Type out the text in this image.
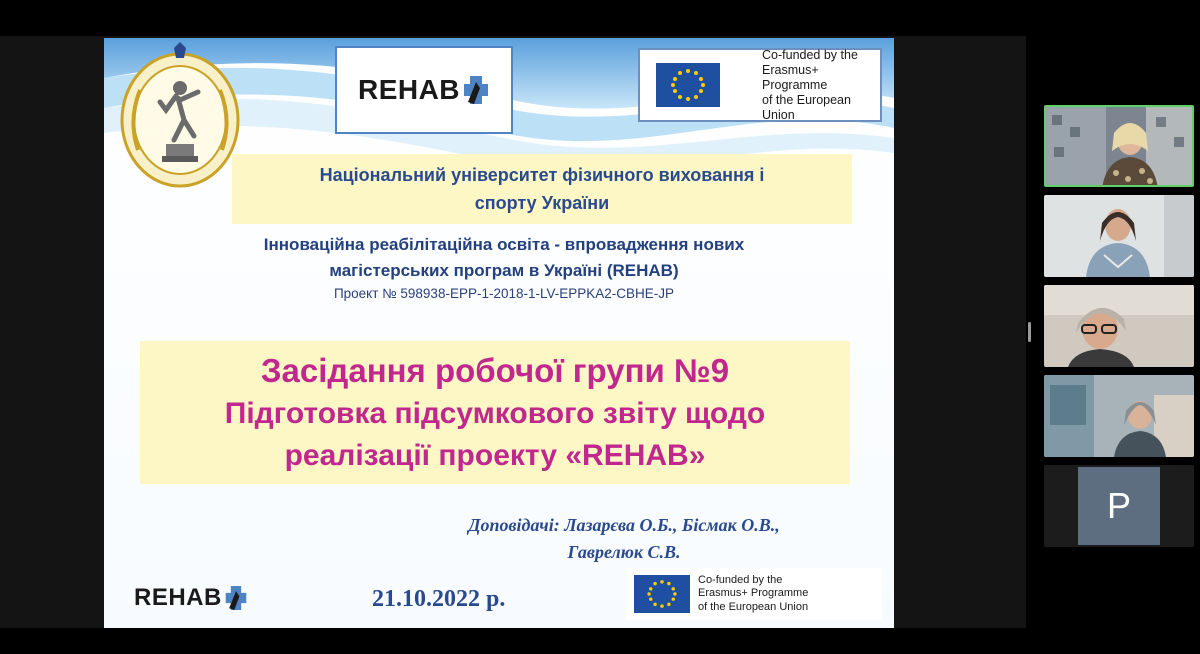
REHAB
Co-funded by the
Erasmus+ Programme
of the European Union
Національний університет фізичного виховання і
спорту України
Інноваційна реабілітаційна освіта - впровадження нових
магістерських програм в Україні (REHAB)
Проект № 598938-EPP-1-2018-1-LV-EPPKA2-CBHE-JP
Засідання робочої групи №9
Підготовка підсумкового звіту щодо
реалізації проекту «REHAB»
Доповідачі: Лазарєва О.Б., Бісмак О.В.,
Гаврелюк С.В.
REHAB	21.10.2022 р.
Co-funded by the
Erasmus+ Programme
of the European Union
P
